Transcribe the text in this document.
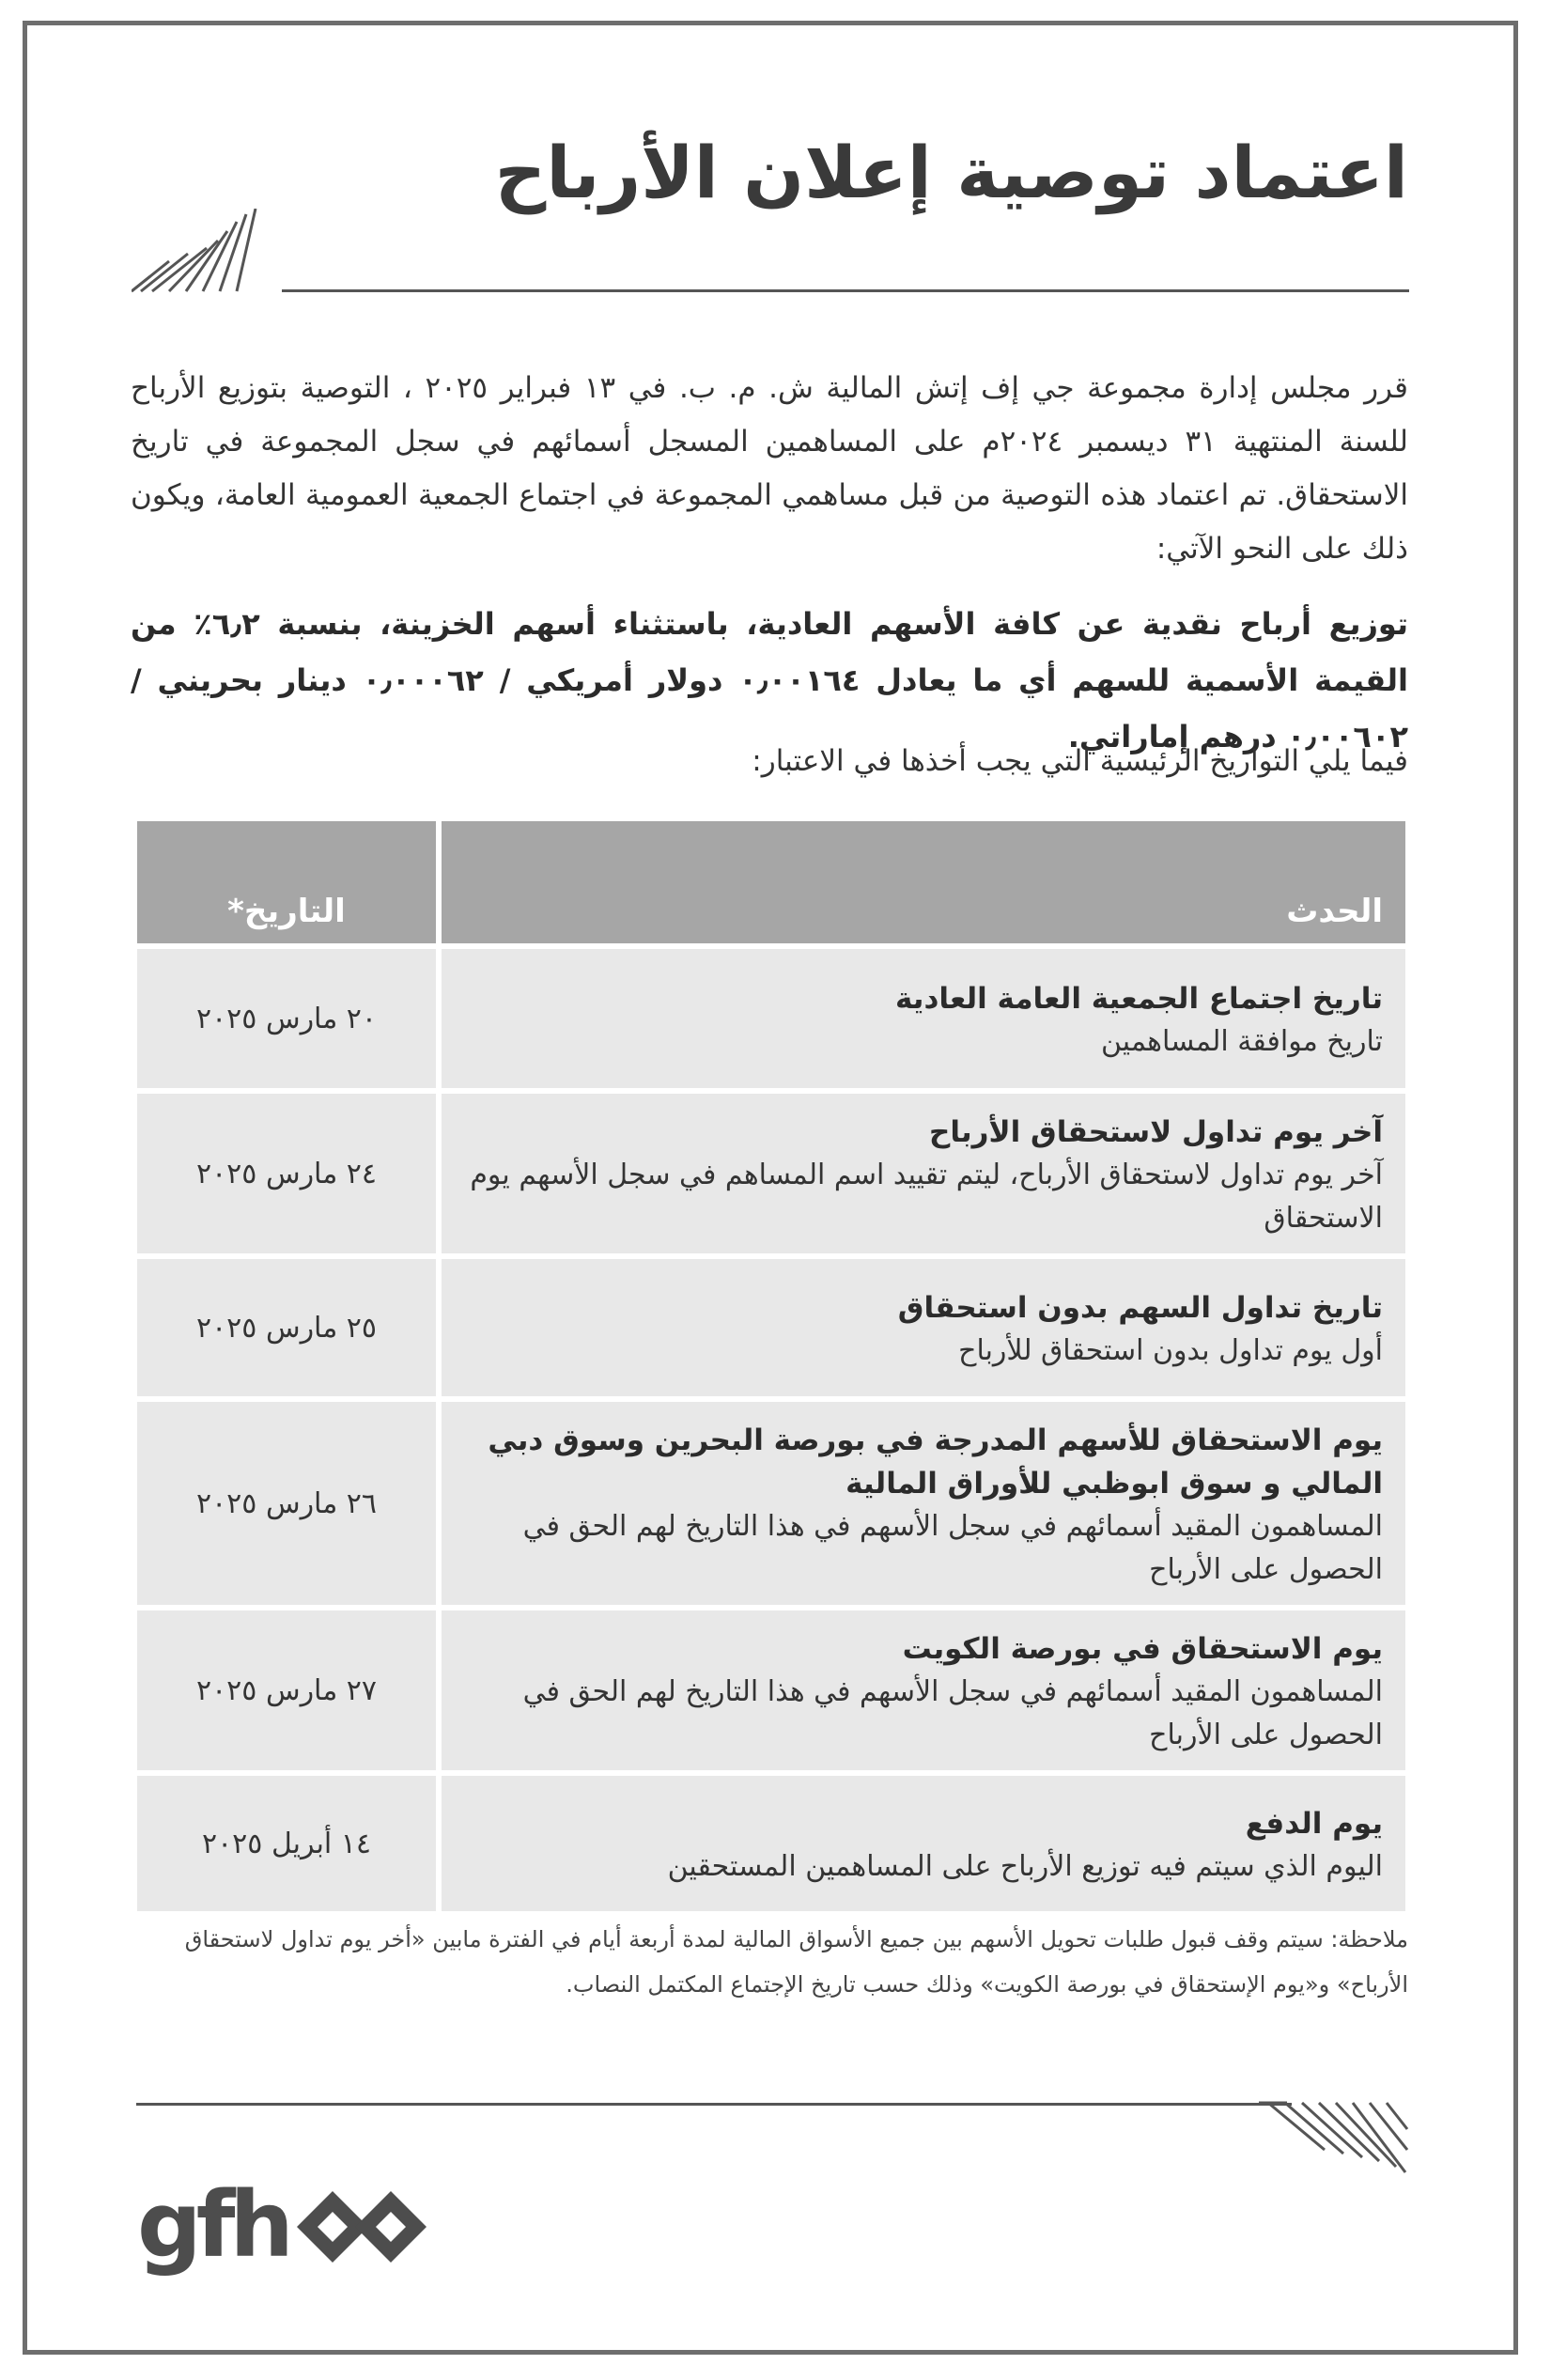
اعتماد توصية إعلان الأرباح
قرر مجلس إدارة مجموعة جي إف إتش المالية ش. م. ب. في ١٣ فبراير ٢٠٢٥ ، التوصية بتوزيع الأرباح للسنة المنتهية ٣١ ديسمبر ٢٠٢٤م على المساهمين المسجل أسمائهم في سجل المجموعة في تاريخ الاستحقاق. تم اعتماد هذه التوصية من قبل مساهمي المجموعة في اجتماع الجمعية العمومية العامة، ويكون ذلك على النحو الآتي:
توزيع أرباح نقدية عن كافة الأسهم العادية، باستثناء أسهم الخزينة، بنسبة ٦٫٢٪ من القيمة الأسمية للسهم أي ما يعادل ٠٫٠٠١٦٤ دولار أمريكي / ٠٫٠٠٠٦٢ دينار بحريني / ٠٫٠٠٦٠٢ درهم إماراتي.
فيما يلي التواريخ الرئيسية التي يجب أخذها في الاعتبار:
الحدث	التاريخ*

تاريخ اجتماع الجمعية العامة العادية
تاريخ موافقة المساهمين	٢٠ مارس ٢٠٢٥

آخر يوم تداول لاستحقاق الأرباح
آخر يوم تداول لاستحقاق الأرباح، ليتم تقييد اسم المساهم في سجل الأسهم يوم الاستحقاق	٢٤ مارس ٢٠٢٥

تاريخ تداول السهم بدون استحقاق
أول يوم تداول بدون استحقاق للأرباح	٢٥ مارس ٢٠٢٥

يوم الاستحقاق للأسهم المدرجة في بورصة البحرين وسوق دبي المالي و سوق ابوظبي للأوراق المالية
المساهمون المقيد أسمائهم في سجل الأسهم في هذا التاريخ لهم الحق في الحصول على الأرباح	٢٦ مارس ٢٠٢٥

يوم الاستحقاق في بورصة الكويت
المساهمون المقيد أسمائهم في سجل الأسهم في هذا التاريخ لهم الحق في الحصول على الأرباح	٢٧ مارس ٢٠٢٥

يوم الدفع
اليوم الذي سيتم فيه توزيع الأرباح على المساهمين المستحقين	١٤ أبريل ٢٠٢٥
ملاحظة: سيتم وقف قبول طلبات تحويل الأسهم بين جميع الأسواق المالية لمدة أربعة أيام في الفترة مابين «أخر يوم تداول لاستحقاق الأرباح» و«يوم الإستحقاق في بورصة الكويت» وذلك حسب تاريخ الإجتماع المكتمل النصاب.
gfh
